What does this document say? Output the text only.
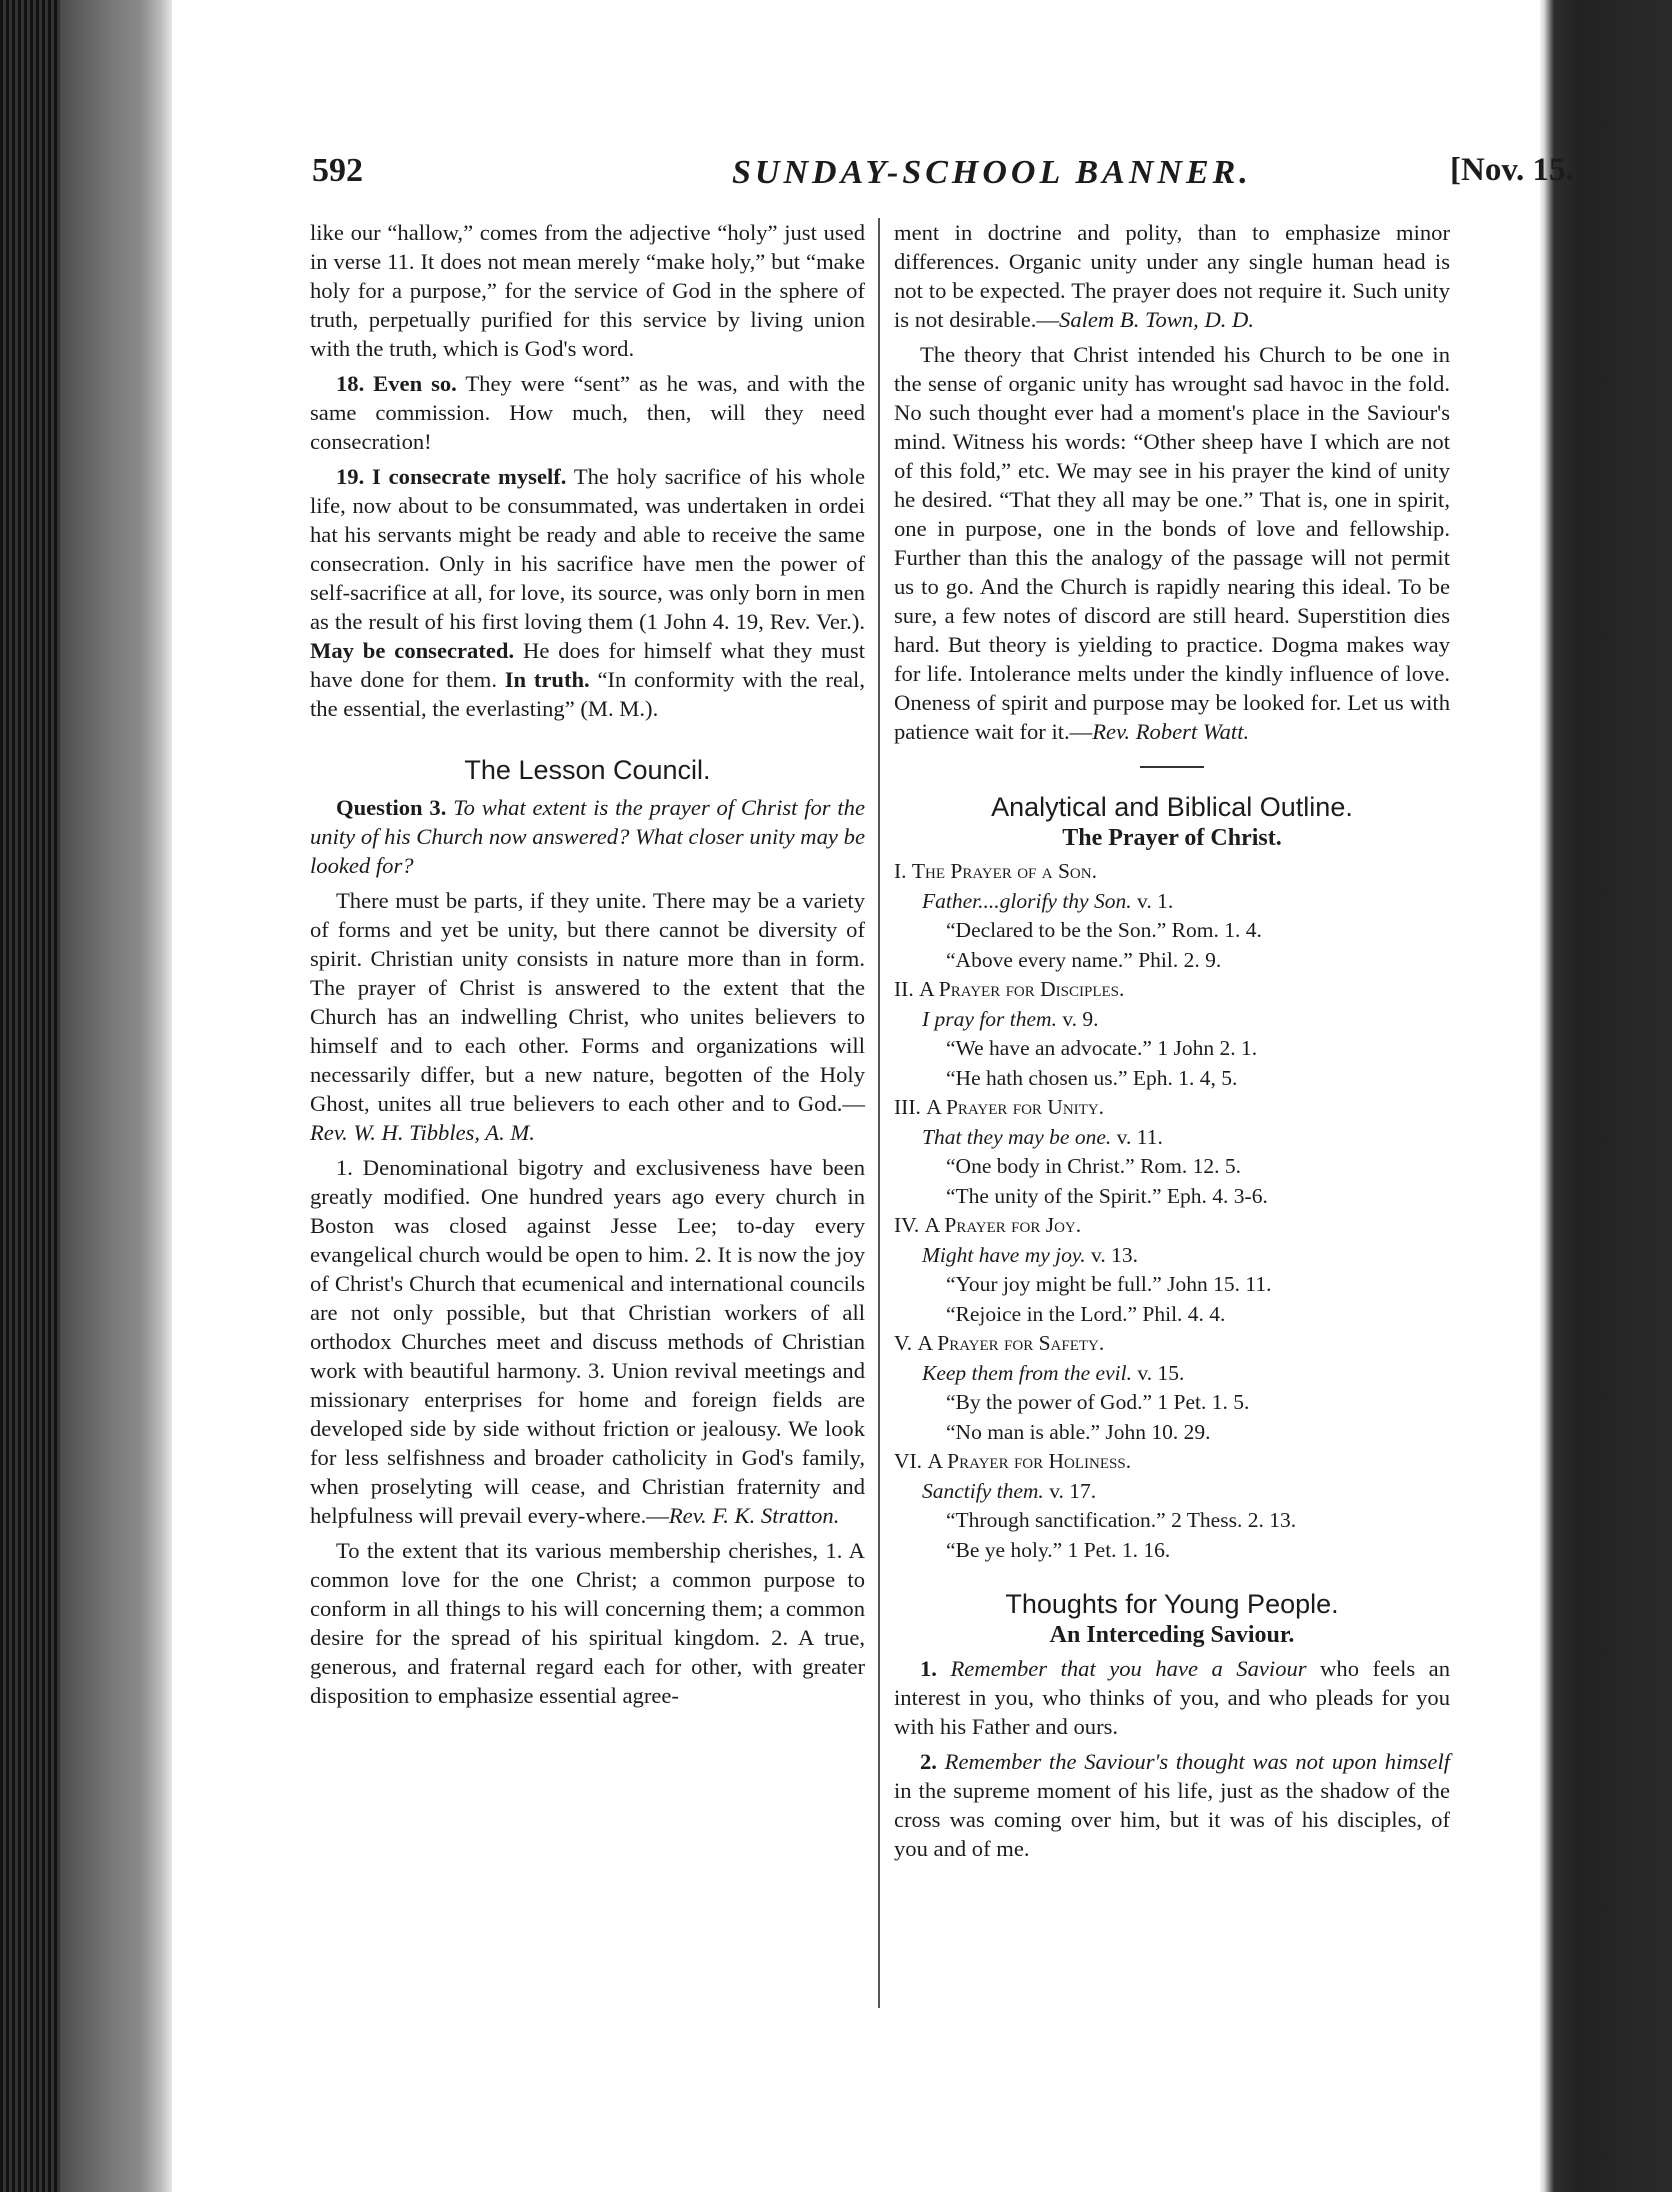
592	SUNDAY-SCHOOL BANNER.	[Nov. 15.

like our “hallow,” comes from the adjective “holy” just used in verse 11. It does not mean merely “make holy,” but “make holy for a purpose,” for the service of God in the sphere of truth, perpetually purified for this service by living union with the truth, which is God's word.

18. Even so. They were “sent” as he was, and with the same commission. How much, then, will they need consecration!

19. I consecrate myself. The holy sacrifice of his whole life, now about to be consummated, was undertaken in ordei hat his servants might be ready and able to receive the same consecration. Only in his sacrifice have men the power of self-sacrifice at all, for love, its source, was only born in men as the result of his first loving them (1 John 4. 19, Rev. Ver.). May be consecrated. He does for himself what they must have done for them. In truth. “In conformity with the real, the essential, the everlasting” (M. M.).

The Lesson Council.

Question 3. To what extent is the prayer of Christ for the unity of his Church now answered? What closer unity may be looked for?

There must be parts, if they unite. There may be a variety of forms and yet be unity, but there cannot be diversity of spirit. Christian unity consists in nature more than in form. The prayer of Christ is answered to the extent that the Church has an indwelling Christ, who unites believers to himself and to each other. Forms and organizations will necessarily differ, but a new nature, begotten of the Holy Ghost, unites all true believers to each other and to God.—Rev. W. H. Tibbles, A. M.

1. Denominational bigotry and exclusiveness have been greatly modified. One hundred years ago every church in Boston was closed against Jesse Lee; to-day every evangelical church would be open to him. 2. It is now the joy of Christ's Church that ecumenical and international councils are not only possible, but that Christian workers of all orthodox Churches meet and discuss methods of Christian work with beautiful harmony. 3. Union revival meetings and missionary enterprises for home and foreign fields are developed side by side without friction or jealousy. We look for less selfishness and broader catholicity in God's family, when proselyting will cease, and Christian fraternity and helpfulness will prevail every-where.—Rev. F. K. Stratton.

To the extent that its various membership cherishes, 1. A common love for the one Christ; a common purpose to conform in all things to his will concerning them; a common desire for the spread of his spiritual kingdom. 2. A true, generous, and fraternal regard each for other, with greater disposition to emphasize essential agree-

ment in doctrine and polity, than to emphasize minor differences. Organic unity under any single human head is not to be expected. The prayer does not require it. Such unity is not desirable.—Salem B. Town, D. D.

The theory that Christ intended his Church to be one in the sense of organic unity has wrought sad havoc in the fold. No such thought ever had a moment's place in the Saviour's mind. Witness his words: “Other sheep have I which are not of this fold,” etc. We may see in his prayer the kind of unity he desired. “That they all may be one.” That is, one in spirit, one in purpose, one in the bonds of love and fellowship. Further than this the analogy of the passage will not permit us to go. And the Church is rapidly nearing this ideal. To be sure, a few notes of discord are still heard. Superstition dies hard. But theory is yielding to practice. Dogma makes way for life. Intolerance melts under the kindly influence of love. Oneness of spirit and purpose may be looked for. Let us with patience wait for it.—Rev. Robert Watt.

Analytical and Biblical Outline.
The Prayer of Christ.
I. The Prayer of a Son.
Father....glorify thy Son. v. 1.
“Declared to be the Son.” Rom. 1. 4.
“Above every name.” Phil. 2. 9.
II. A Prayer for Disciples.
I pray for them. v. 9.
“We have an advocate.” 1 John 2. 1.
“He hath chosen us.” Eph. 1. 4, 5.
III. A Prayer for Unity.
That they may be one. v. 11.
“One body in Christ.” Rom. 12. 5.
“The unity of the Spirit.” Eph. 4. 3-6.
IV. A Prayer for Joy.
Might have my joy. v. 13.
“Your joy might be full.” John 15. 11.
“Rejoice in the Lord.” Phil. 4. 4.
V. A Prayer for Safety.
Keep them from the evil. v. 15.
“By the power of God.” 1 Pet. 1. 5.
“No man is able.” John 10. 29.
VI. A Prayer for Holiness.
Sanctify them. v. 17.
“Through sanctification.” 2 Thess. 2. 13.
“Be ye holy.” 1 Pet. 1. 16.
Thoughts for Young People.
An Interceding Saviour.

1. Remember that you have a Saviour who feels an interest in you, who thinks of you, and who pleads for you with his Father and ours.

2. Remember the Saviour's thought was not upon himself in the supreme moment of his life, just as the shadow of the cross was coming over him, but it was of his disciples, of you and of me.
